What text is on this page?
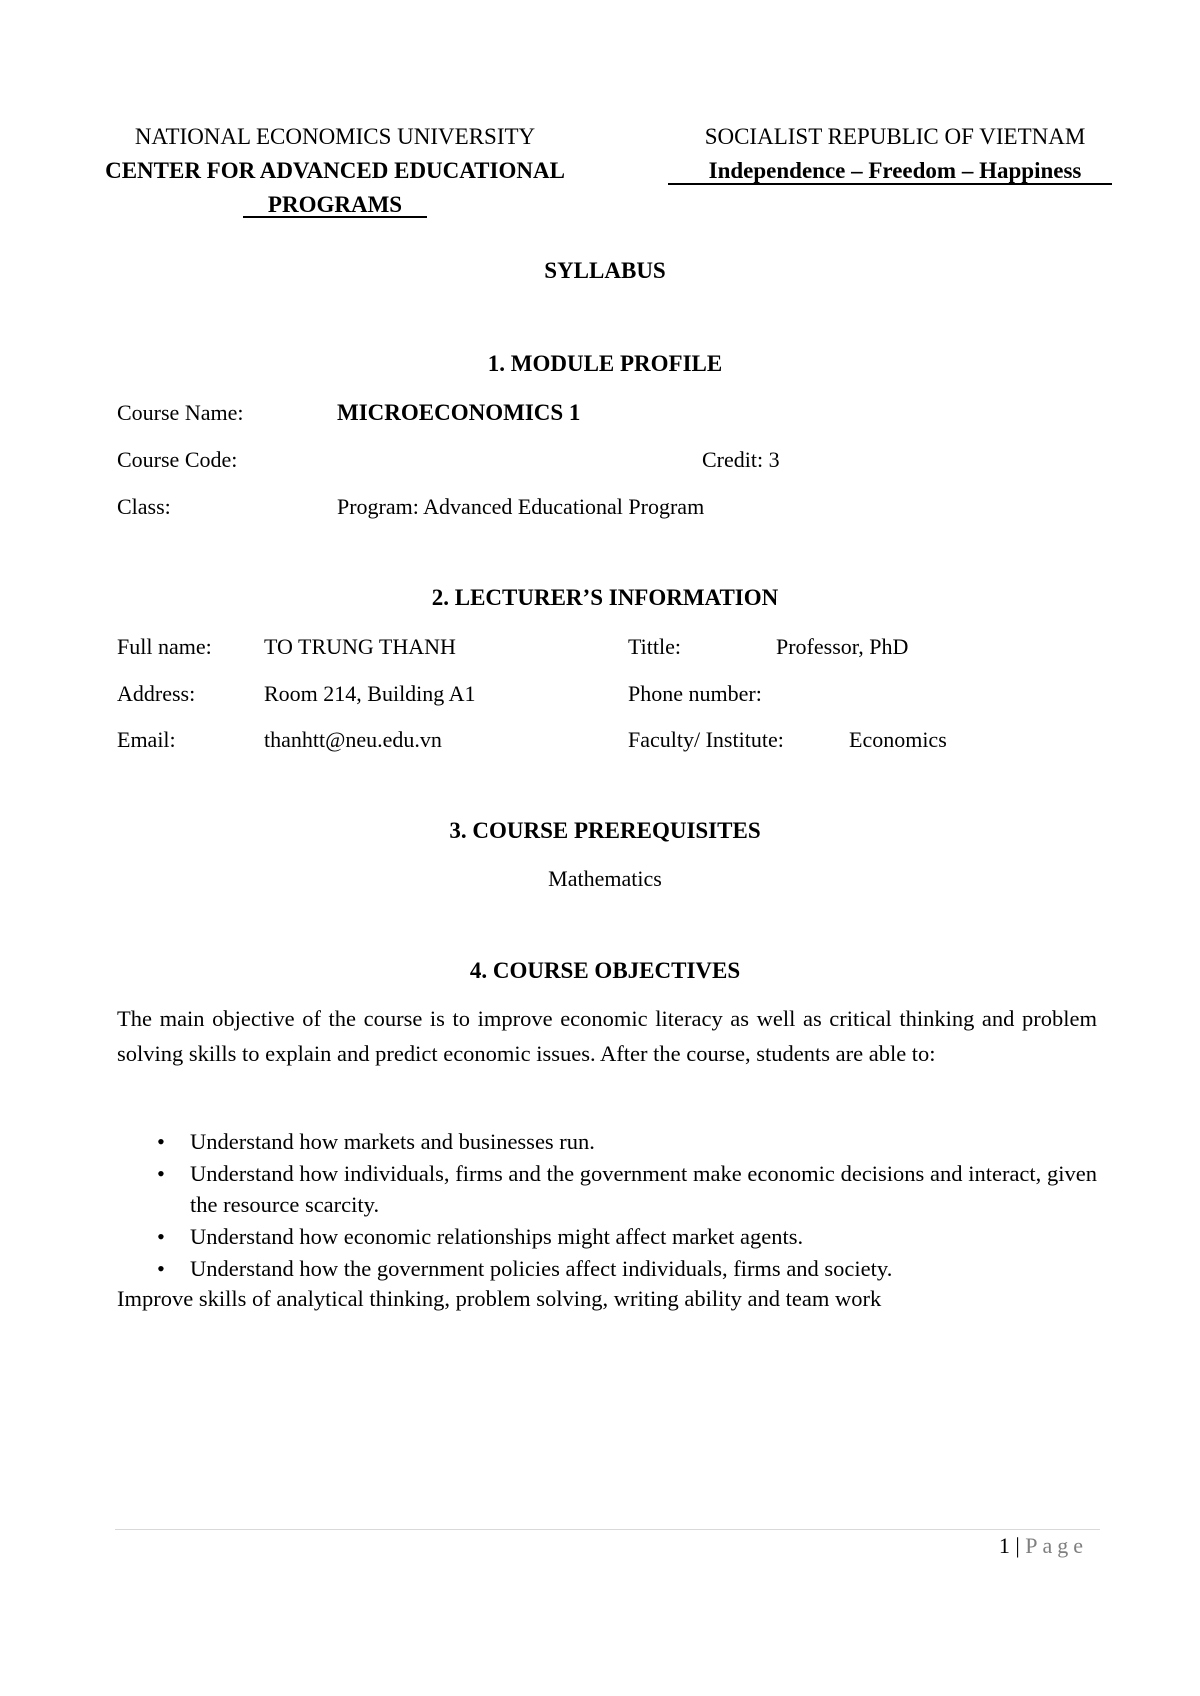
NATIONAL ECONOMICS UNIVERSITY
CENTER FOR ADVANCED EDUCATIONAL PROGRAMS
SOCIALIST REPUBLIC OF VIETNAM
Independence – Freedom – Happiness
SYLLABUS
1. MODULE PROFILE
Course Name:	MICROECONOMICS 1
Course Code:	Credit: 3
Class:	Program: Advanced Educational Program
2. LECTURER’S INFORMATION
Full name: TO TRUNG THANH	Tittle:	Professor, PhD
Address:	Room 214, Building A1	Phone number:
Email:	thanhtt@neu.edu.vn	Faculty/ Institute:	Economics
3. COURSE PREREQUISITES
Mathematics
4. COURSE OBJECTIVES
The main objective of the course is to improve economic literacy as well as critical thinking and problem solving skills to explain and predict economic issues. After the course, students are able to:
• Understand how markets and businesses run.
• Understand how individuals, firms and the government make economic decisions and interact, given the resource scarcity.
• Understand how economic relationships might affect market agents.
• Understand how the government policies affect individuals, firms and society.
Improve skills of analytical thinking, problem solving, writing ability and team work
1 | Page
